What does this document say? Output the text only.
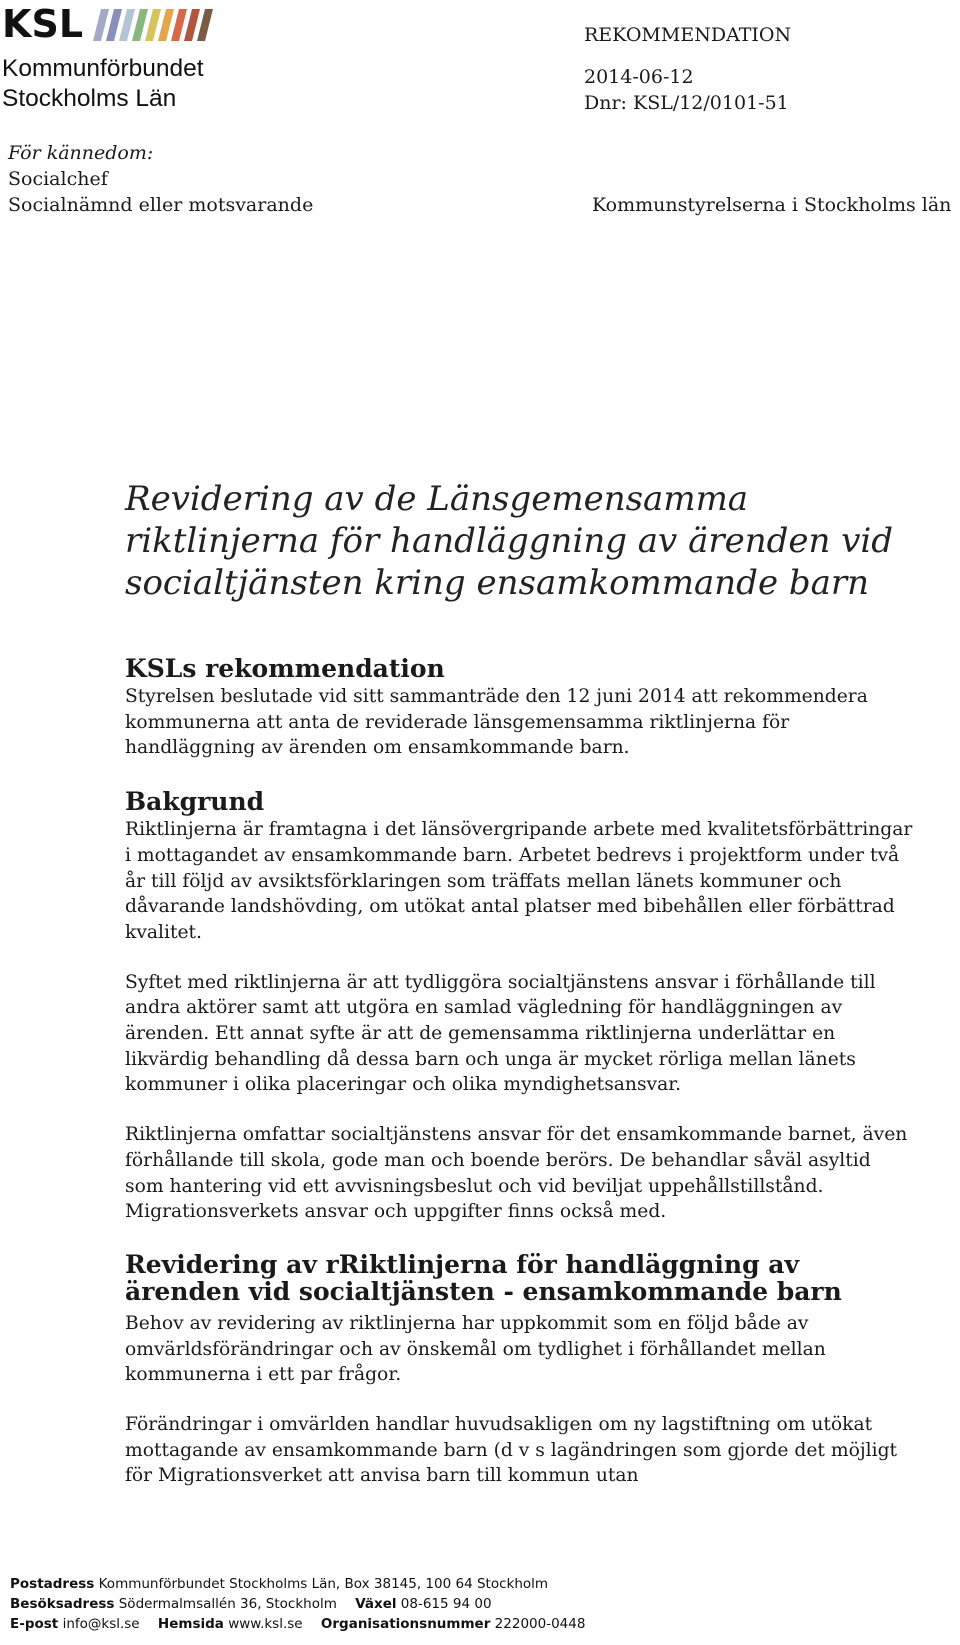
KSL
Kommunförbundet
Stockholms Län
För kännedom:
Socialchef
Socialnämnd eller motsvarande
REKOMMENDATION
2014-06-12
Dnr: KSL/12/0101-51
Kommunstyrelserna i Stockholms län
Revidering av de Länsgemensamma
riktlinjerna för handläggning av ärenden vid
socialtjänsten kring ensamkommande barn
KSLs rekommendation

Styrelsen beslutade vid sitt sammanträde den 12 juni 2014 att rekommendera kommunerna att anta de reviderade länsgemensamma riktlinjerna för handläggning av ärenden om ensamkommande barn.

Bakgrund

Riktlinjerna är framtagna i det länsövergripande arbete med kvalitetsförbättringar i mottagandet av ensamkommande barn. Arbetet bedrevs i projektform under två år till följd av avsiktsförklaringen som träffats mellan länets kommuner och dåvarande landshövding, om utökat antal platser med bibehållen eller förbättrad kvalitet.

Syftet med riktlinjerna är att tydliggöra socialtjänstens ansvar i förhållande till andra aktörer samt att utgöra en samlad vägledning för handläggningen av ärenden. Ett annat syfte är att de gemensamma riktlinjerna underlättar en likvärdig behandling då dessa barn och unga är mycket rörliga mellan länets kommuner i olika placeringar och olika myndighetsansvar.

Riktlinjerna omfattar socialtjänstens ansvar för det ensamkommande barnet, även förhållande till skola, gode man och boende berörs. De behandlar såväl asyltid som hantering vid ett avvisningsbeslut och vid beviljat uppehållstillstånd. Migrationsverkets ansvar och uppgifter finns också med.

Revidering av rRiktlinjerna för handläggning av ärenden vid socialtjänsten - ensamkommande barn

Behov av revidering av riktlinjerna har uppkommit som en följd både av omvärldsförändringar och av önskemål om tydlighet i förhållandet mellan kommunerna i ett par frågor.

Förändringar i omvärlden handlar huvudsakligen om ny lagstiftning om utökat mottagande av ensamkommande barn (d v s lagändringen som gjorde det möjligt för Migrationsverket att anvisa barn till kommun utan

Postadress Kommunförbundet Stockholms Län, Box 38145, 100 64 Stockholm
Besöksadress Södermalmsallén 36, Stockholm Växel 08-615 94 00
E-post info@ksl.se Hemsida www.ksl.se Organisationsnummer 222000-0448
